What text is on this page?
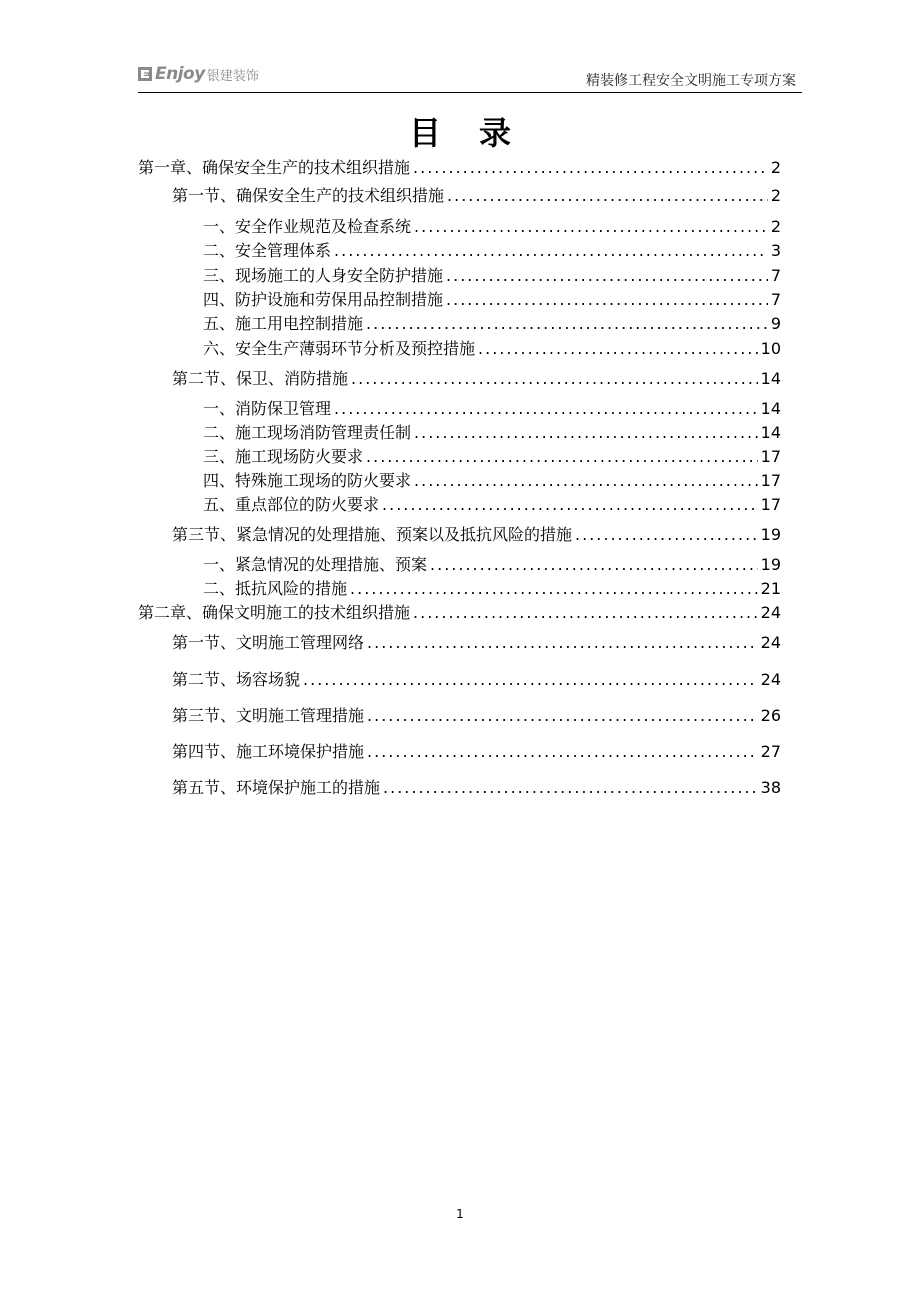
Enjoy 银建装饰	精装修工程安全文明施工专项方案
目录
第一章、确保安全生产的技术组织措施 .....	2
第一节、确保安全生产的技术组织措施 .....	2
一、安全作业规范及检查系统 .....	2
二、安全管理体系 .....	3
三、现场施工的人身安全防护措施 .....	7
四、防护设施和劳保用品控制措施 .....	7
五、施工用电控制措施 .....	9
六、安全生产薄弱环节分析及预控措施 .....	10
第二节、保卫、消防措施 .....	14
一、消防保卫管理 .....	14
二、施工现场消防管理责任制 .....	14
三、施工现场防火要求 .....	17
四、特殊施工现场的防火要求 .....	17
五、重点部位的防火要求 .....	17
第三节、紧急情况的处理措施、预案以及抵抗风险的措施 .....	19
一、紧急情况的处理措施、预案 .....	19
二、抵抗风险的措施 .....	21
第二章、确保文明施工的技术组织措施 .....	24
第一节、文明施工管理网络 .....	24
第二节、场容场貌 .....	24
第三节、文明施工管理措施 .....	26
第四节、施工环境保护措施 .....	27
第五节、环境保护施工的措施 .....	38
1
